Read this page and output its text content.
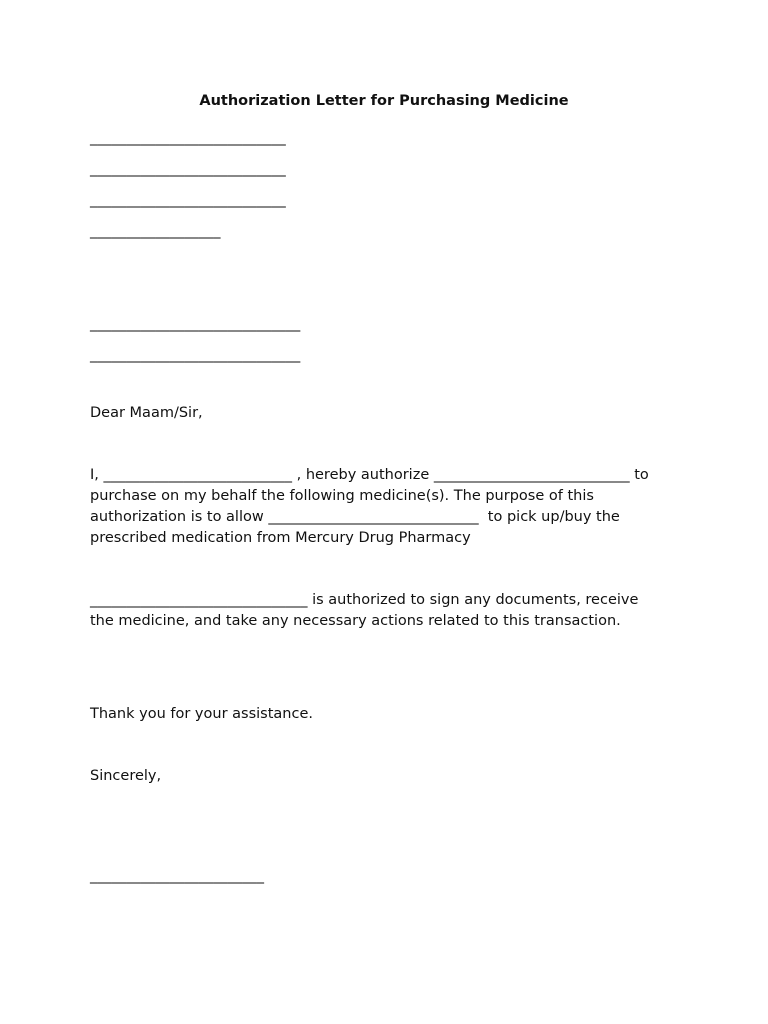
Authorization Letter for Purchasing Medicine

___________________________

___________________________

___________________________

__________________

_____________________________

_____________________________

Dear Maam/Sir,

I, __________________________ , hereby authorize ___________________________ to
purchase on my behalf the following medicine(s). The purpose of this
authorization is to allow _____________________________  to pick up/buy the
prescribed medication from Mercury Drug Pharmacy
______________________________ is authorized to sign any documents, receive
the medicine, and take any necessary actions related to this transaction.

Thank you for your assistance.

Sincerely,

________________________
